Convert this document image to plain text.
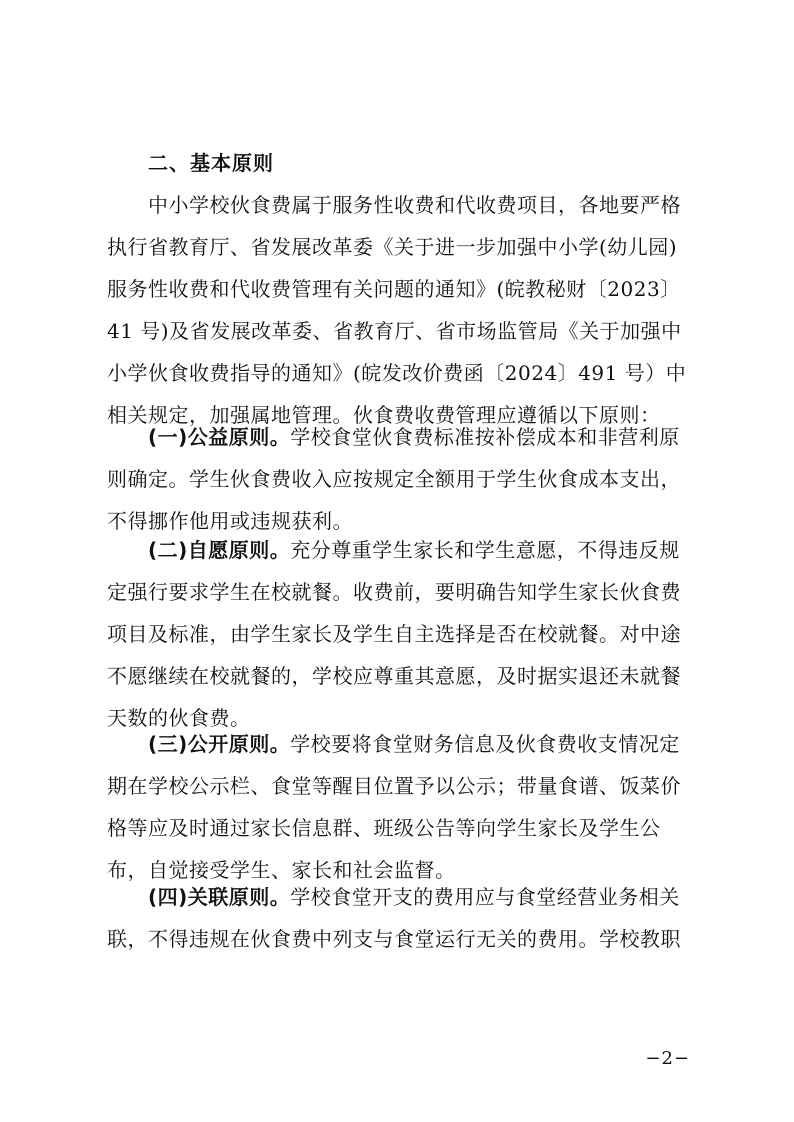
二、基本原则
中小学校伙食费属于服务性收费和代收费项目，各地要严格
执行省教育厅、省发展改革委《关于进一步加强中小学(幼儿园)
服务性收费和代收费管理有关问题的通知》(皖教秘财〔2023〕
41 号)及省发展改革委、省教育厅、省市场监管局《关于加强中
小学伙食收费指导的通知》(皖发改价费函〔2024〕491 号）中
相关规定，加强属地管理。伙食费收费管理应遵循以下原则：
(一)公益原则。学校食堂伙食费标准按补偿成本和非营利原
则确定。学生伙食费收入应按规定全额用于学生伙食成本支出，
不得挪作他用或违规获利。
(二)自愿原则。充分尊重学生家长和学生意愿，不得违反规
定强行要求学生在校就餐。收费前，要明确告知学生家长伙食费
项目及标准，由学生家长及学生自主选择是否在校就餐。对中途
不愿继续在校就餐的，学校应尊重其意愿，及时据实退还未就餐
天数的伙食费。
(三)公开原则。学校要将食堂财务信息及伙食费收支情况定
期在学校公示栏、食堂等醒目位置予以公示；带量食谱、饭菜价
格等应及时通过家长信息群、班级公告等向学生家长及学生公
布，自觉接受学生、家长和社会监督。
(四)关联原则。学校食堂开支的费用应与食堂经营业务相关
联，不得违规在伙食费中列支与食堂运行无关的费用。学校教职
−2−
